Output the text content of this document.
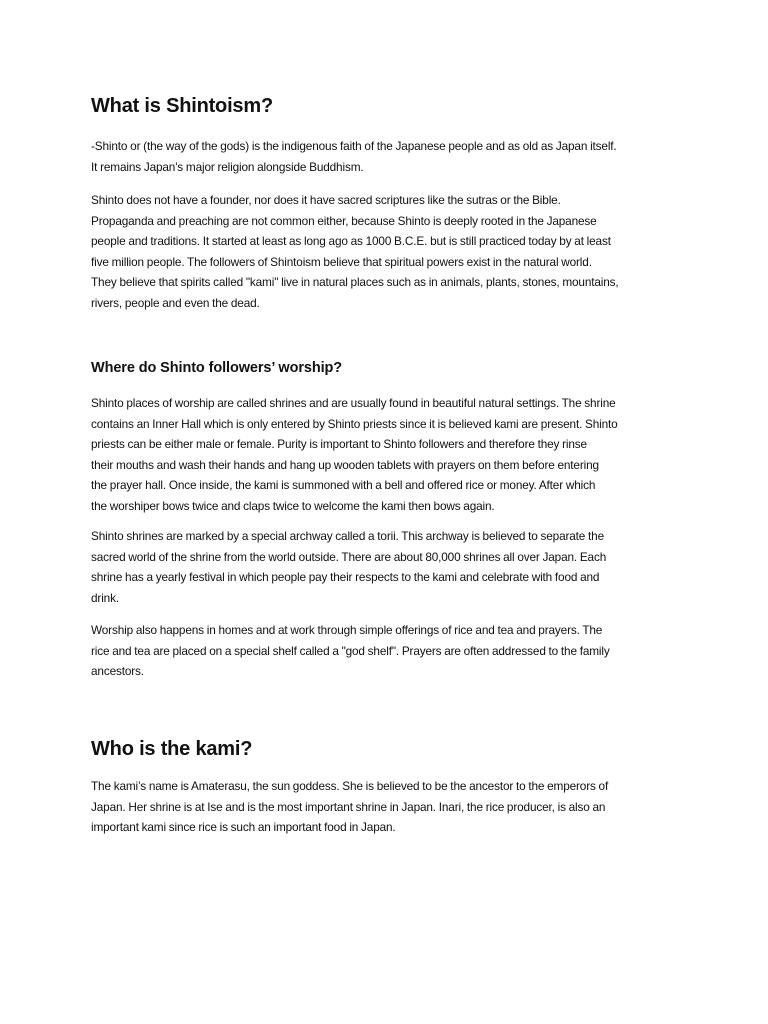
What is Shintoism?

-Shinto or (the way of the gods) is the indigenous faith of the Japanese people and as old as Japan itself.
It remains Japan's major religion alongside Buddhism.

Shinto does not have a founder, nor does it have sacred scriptures like the sutras or the Bible.
Propaganda and preaching are not common either, because Shinto is deeply rooted in the Japanese
people and traditions. It started at least as long ago as 1000 B.C.E. but is still practiced today by at least
five million people. The followers of Shintoism believe that spiritual powers exist in the natural world.
They believe that spirits called "kami" live in natural places such as in animals, plants, stones, mountains,
rivers, people and even the dead.

Where do Shinto followers’ worship?

Shinto places of worship are called shrines and are usually found in beautiful natural settings. The shrine
contains an Inner Hall which is only entered by Shinto priests since it is believed kami are present. Shinto
priests can be either male or female. Purity is important to Shinto followers and therefore they rinse
their mouths and wash their hands and hang up wooden tablets with prayers on them before entering
the prayer hall. Once inside, the kami is summoned with a bell and offered rice or money. After which
the worshiper bows twice and claps twice to welcome the kami then bows again.

Shinto shrines are marked by a special archway called a torii. This archway is believed to separate the
sacred world of the shrine from the world outside. There are about 80,000 shrines all over Japan. Each
shrine has a yearly festival in which people pay their respects to the kami and celebrate with food and
drink.

Worship also happens in homes and at work through simple offerings of rice and tea and prayers. The
rice and tea are placed on a special shelf called a "god shelf". Prayers are often addressed to the family
ancestors.

Who is the kami?

The kami’s name is Amaterasu, the sun goddess. She is believed to be the ancestor to the emperors of
Japan. Her shrine is at Ise and is the most important shrine in Japan. Inari, the rice producer, is also an
important kami since rice is such an important food in Japan.
